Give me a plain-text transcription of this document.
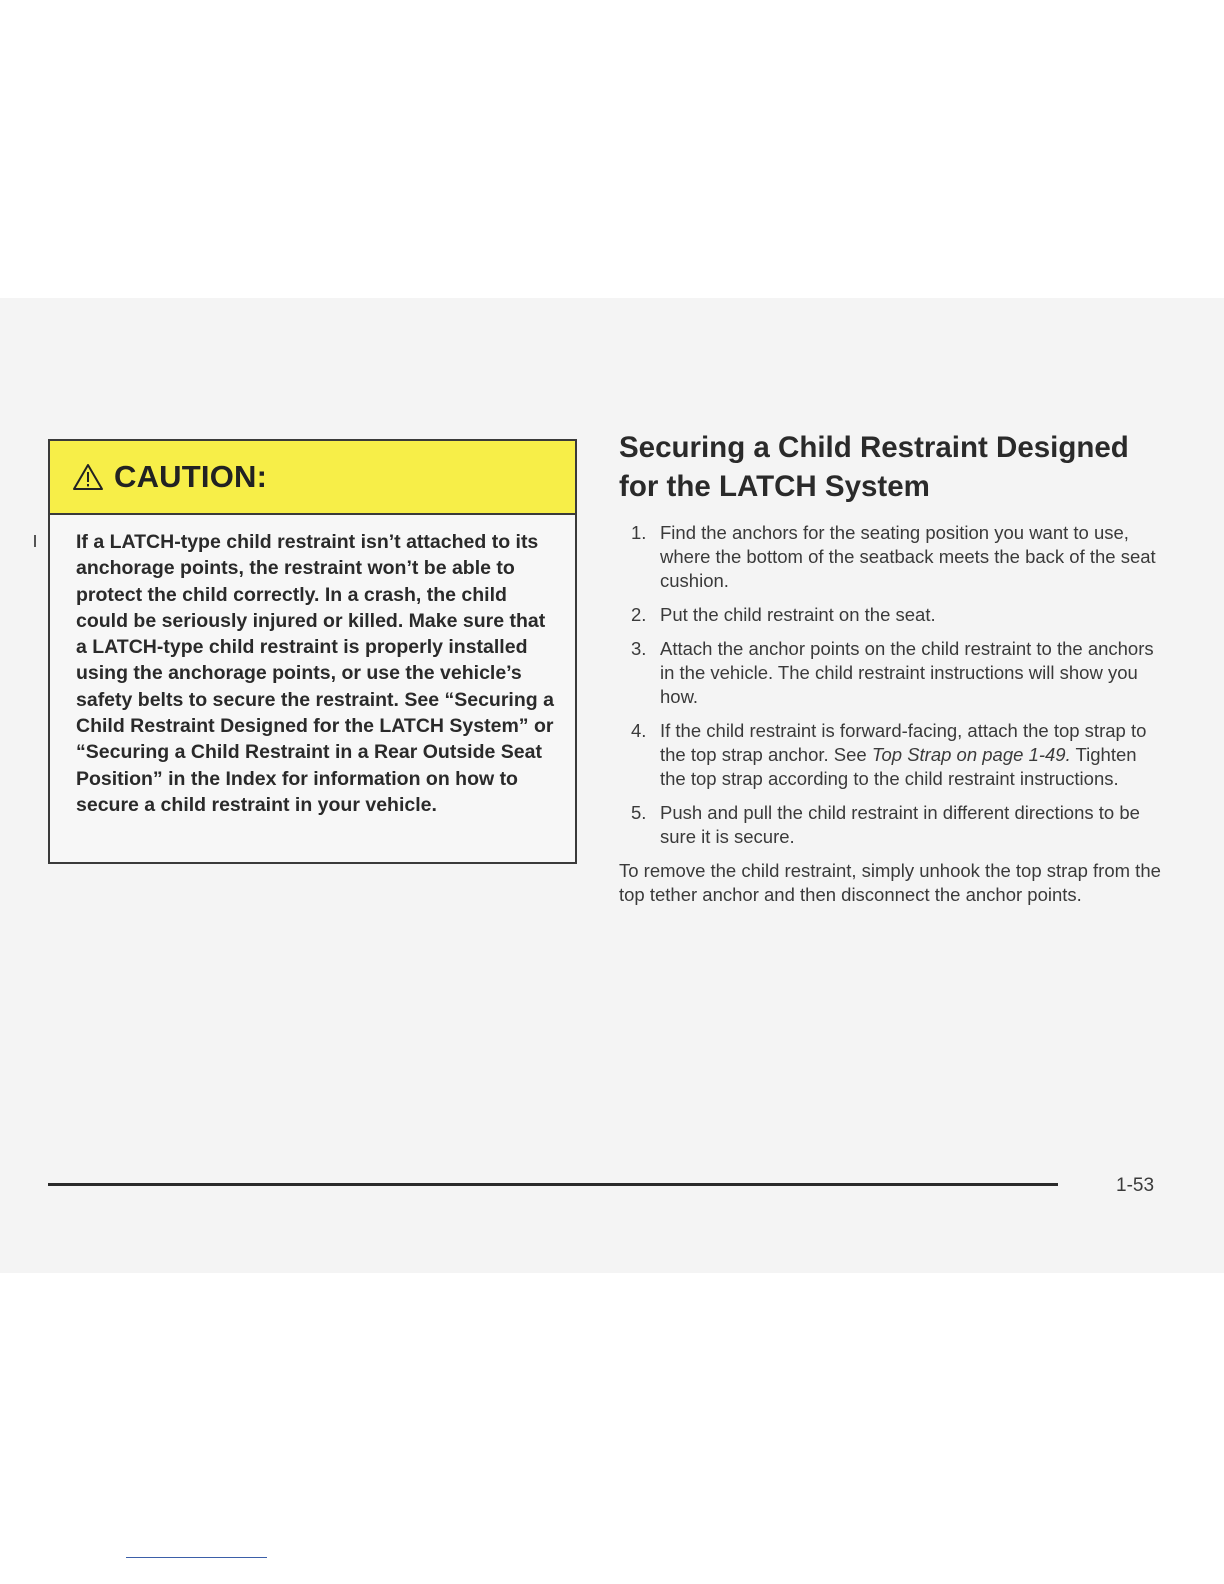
CAUTION:
If a LATCH-type child restraint isn’t attached to its anchorage points, the restraint won’t be able to protect the child correctly. In a crash, the child could be seriously injured or killed. Make sure that a LATCH-type child restraint is properly installed using the anchorage points, or use the vehicle’s safety belts to secure the restraint. See “Securing a Child Restraint Designed for the LATCH System” or “Securing a Child Restraint in a Rear Outside Seat Position” in the Index for information on how to secure a child restraint in your vehicle.
Securing a Child Restraint Designed for the LATCH System
1. Find the anchors for the seating position you want to use, where the bottom of the seatback meets the back of the seat cushion.
2. Put the child restraint on the seat.
3. Attach the anchor points on the child restraint to the anchors in the vehicle. The child restraint instructions will show you how.
4. If the child restraint is forward-facing, attach the top strap to the top strap anchor. See Top Strap on page 1-49. Tighten the top strap according to the child restraint instructions.
5. Push and pull the child restraint in different directions to be sure it is secure.

To remove the child restraint, simply unhook the top strap from the top tether anchor and then disconnect the anchor points.

1-53
